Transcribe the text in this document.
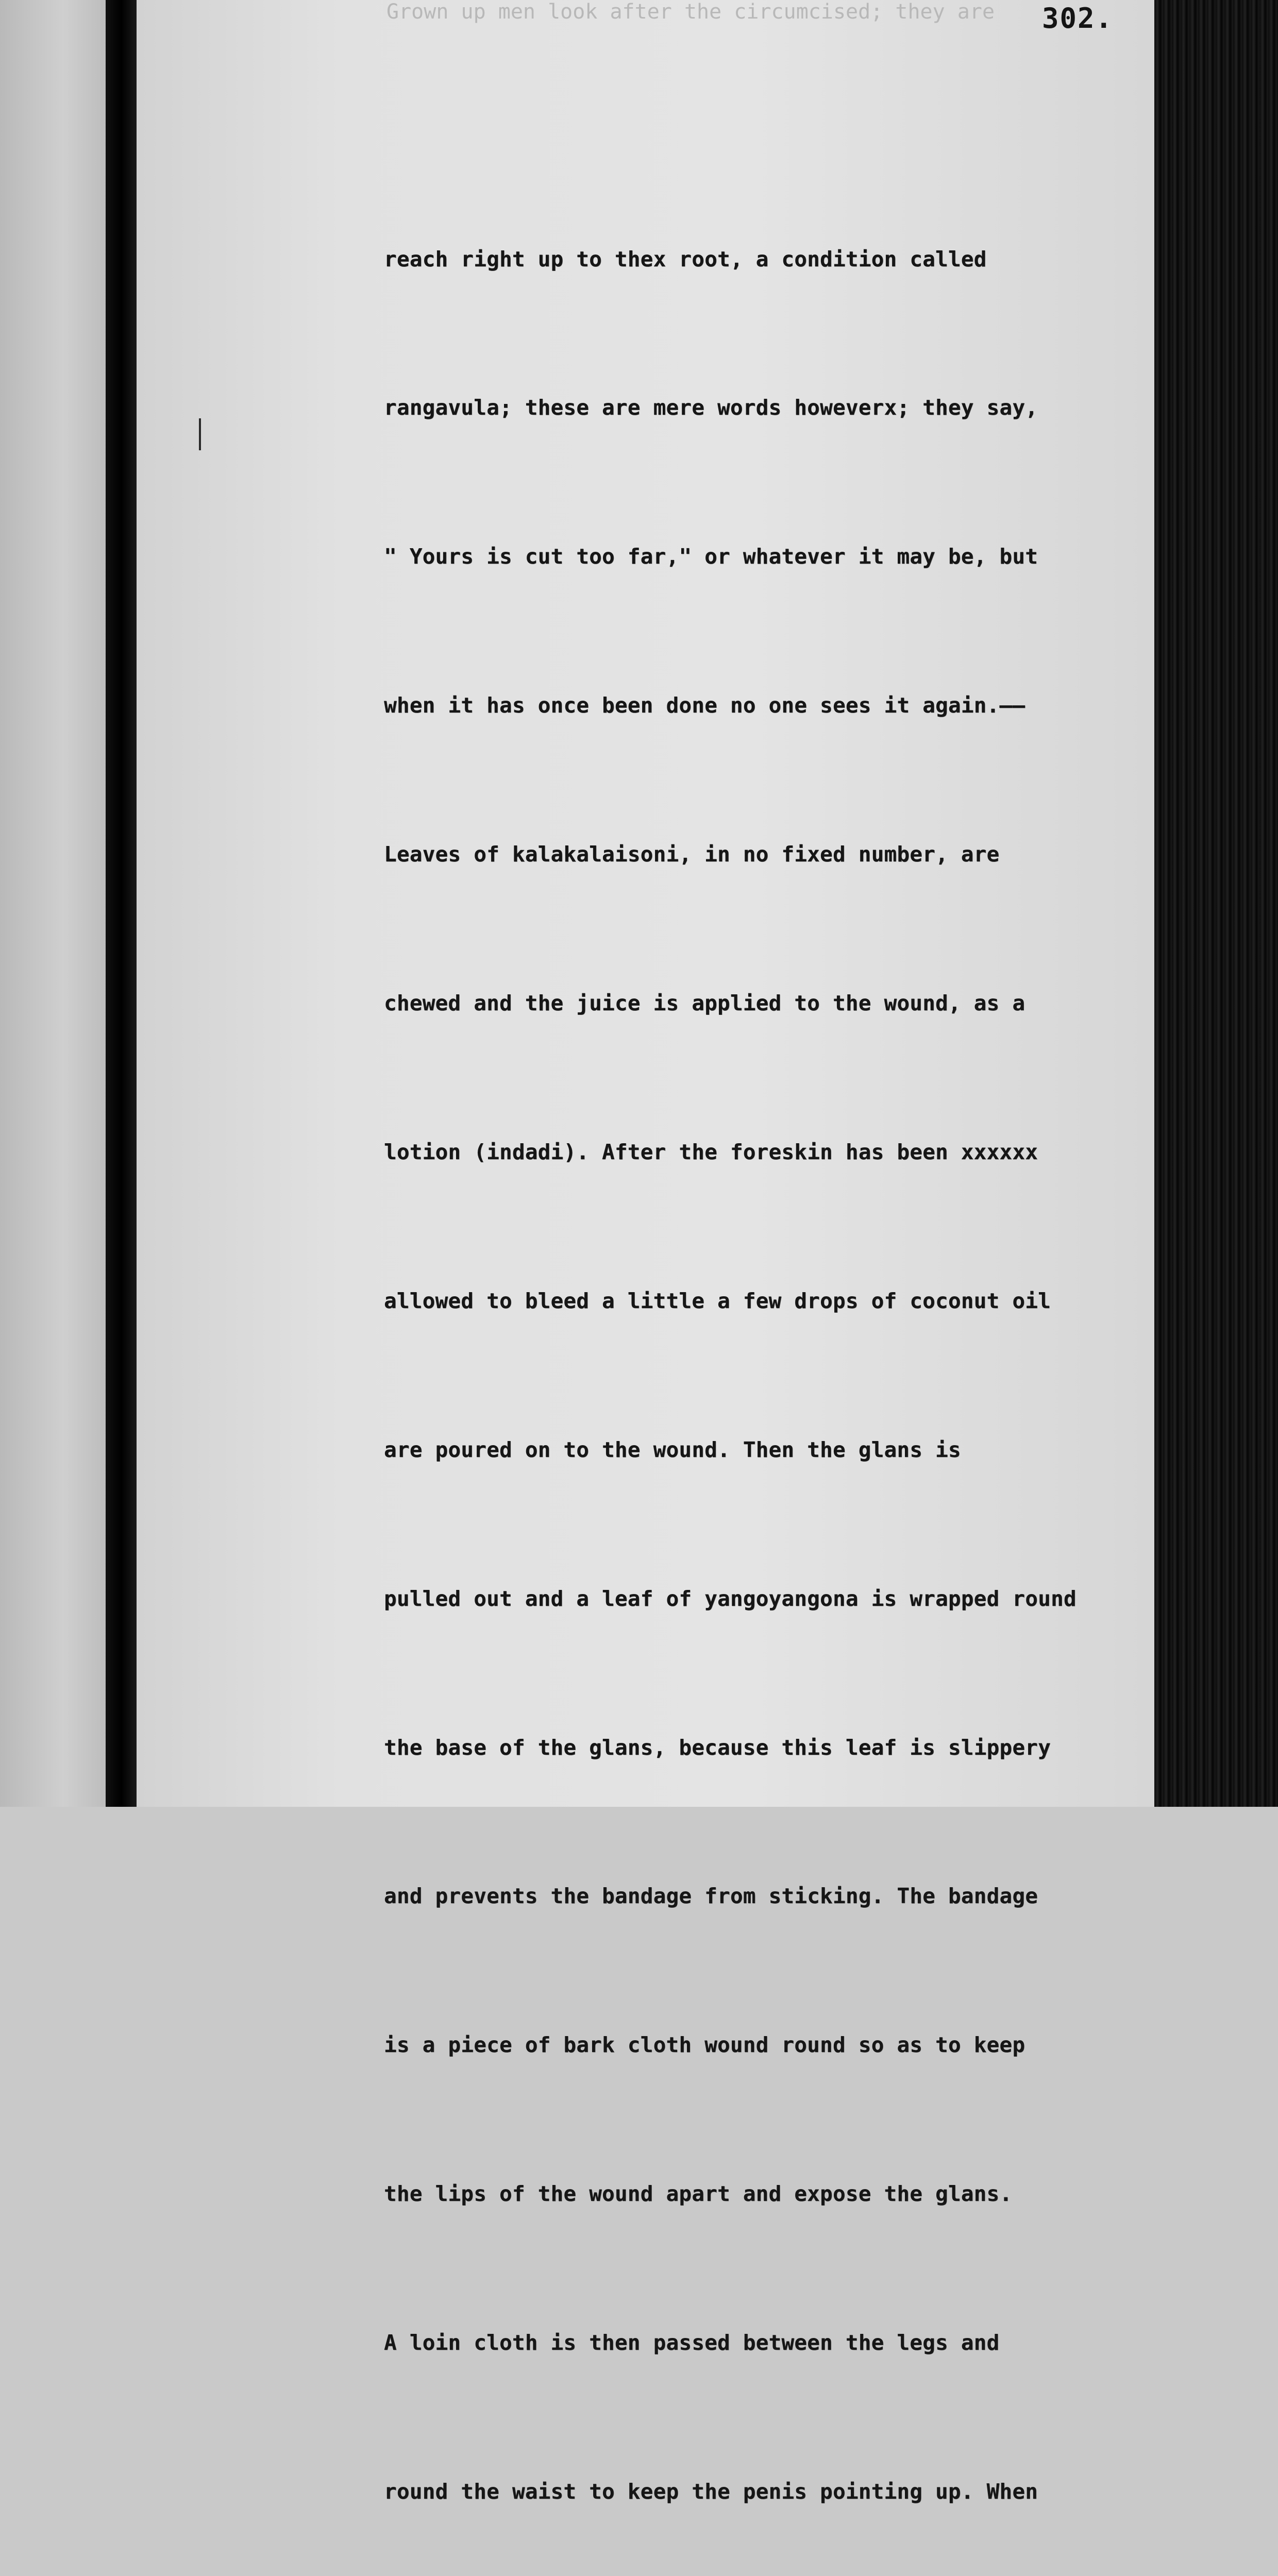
Grown up men look after the circumcised; they are 302.

reach right up to thex root, a condition called

rangavula; these are mere words howeverx; they say,

" Yours is cut too far," or whatever it may be, but

when it has once been done no one sees it again.——

Leaves of kalakalaisoni, in no fixed number, are

chewed and the juice is applied to the wound, as a

lotion (indadi). After the foreskin has been xxxxxx

allowed to bleed a little a few drops of coconut oil

are poured on to the wound. Then the glans is

pulled out and a leaf of yangoyangona is wrapped round

the base of the glans, because this leaf is slippery

and prevents the bandage from sticking. The bandage

is a piece of bark cloth wound round so as to keep

the lips of the wound apart and expose the glans.

A loin cloth is then passed between the legs and

round the waist to keep the penis pointing up. When
